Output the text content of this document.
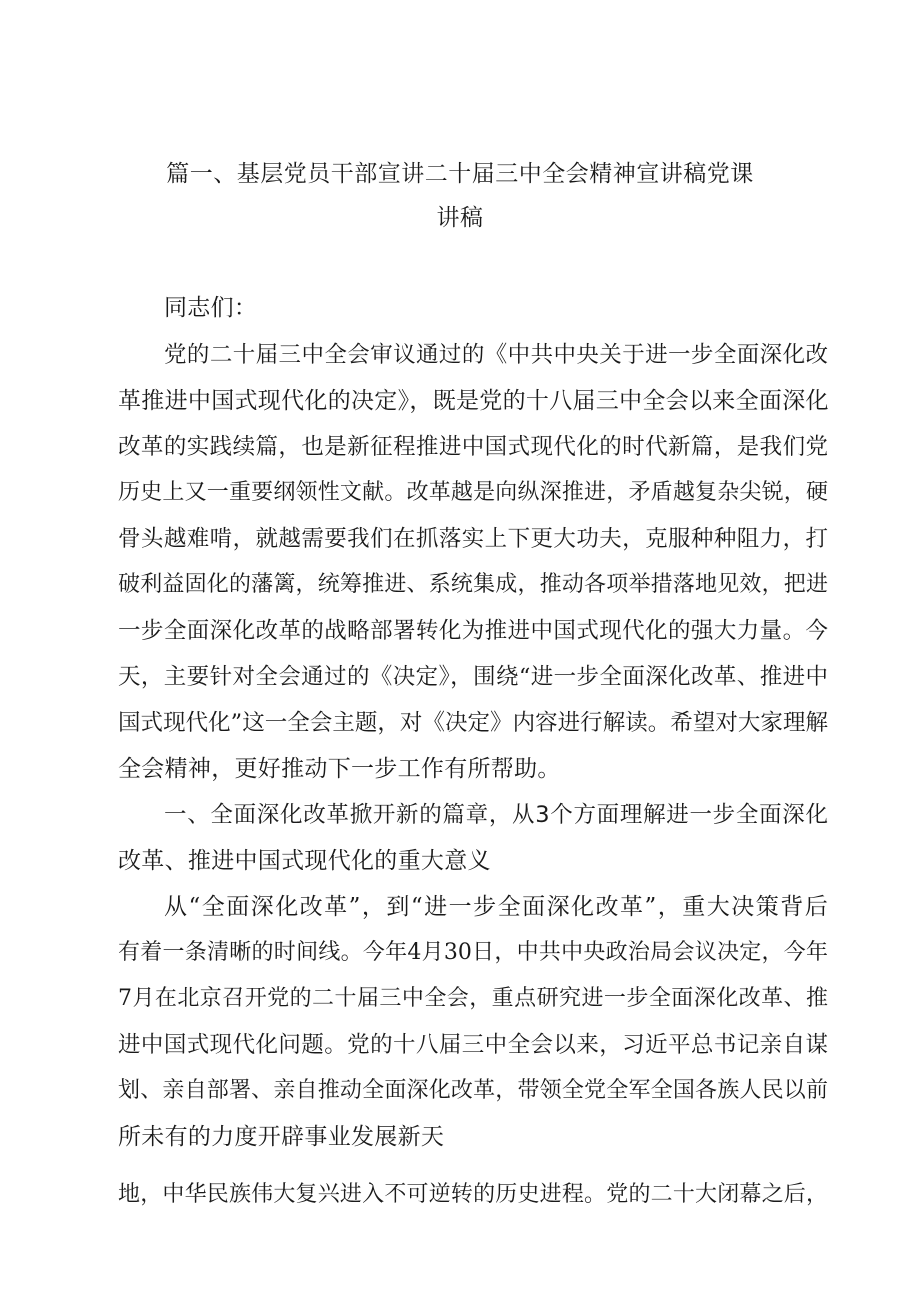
篇一、基层党员干部宣讲二十届三中全会精神宣讲稿党课
讲稿
同志们：
党的二十届三中全会审议通过的《中共中央关于进一步全面深化改
革推进中国式现代化的决定》，既是党的十八届三中全会以来全面深化
改革的实践续篇，也是新征程推进中国式现代化的时代新篇，是我们党
历史上又一重要纲领性文献。改革越是向纵深推进，矛盾越复杂尖锐，硬
骨头越难啃，就越需要我们在抓落实上下更大功夫，克服种种阻力，打
破利益固化的藩篱，统筹推进、系统集成，推动各项举措落地见效，把进
一步全面深化改革的战略部署转化为推进中国式现代化的强大力量。今
天，主要针对全会通过的《决定》，围绕“进一步全面深化改革、推进中
国式现代化”这一全会主题，对《决定》内容进行解读。希望对大家理解
全会精神，更好推动下一步工作有所帮助。
一、全面深化改革掀开新的篇章，从3个方面理解进一步全面深化
改革、推进中国式现代化的重大意义
从“全面深化改革”，到“进一步全面深化改革”，重大决策背后
有着一条清晰的时间线。今年4月30日，中共中央政治局会议决定，今年
7月在北京召开党的二十届三中全会，重点研究进一步全面深化改革、推
进中国式现代化问题。党的十八届三中全会以来，习近平总书记亲自谋
划、亲自部署、亲自推动全面深化改革，带领全党全军全国各族人民以前
所未有的力度开辟事业发展新天
地，中华民族伟大复兴进入不可逆转的历史进程。党的二十大闭幕之后，
